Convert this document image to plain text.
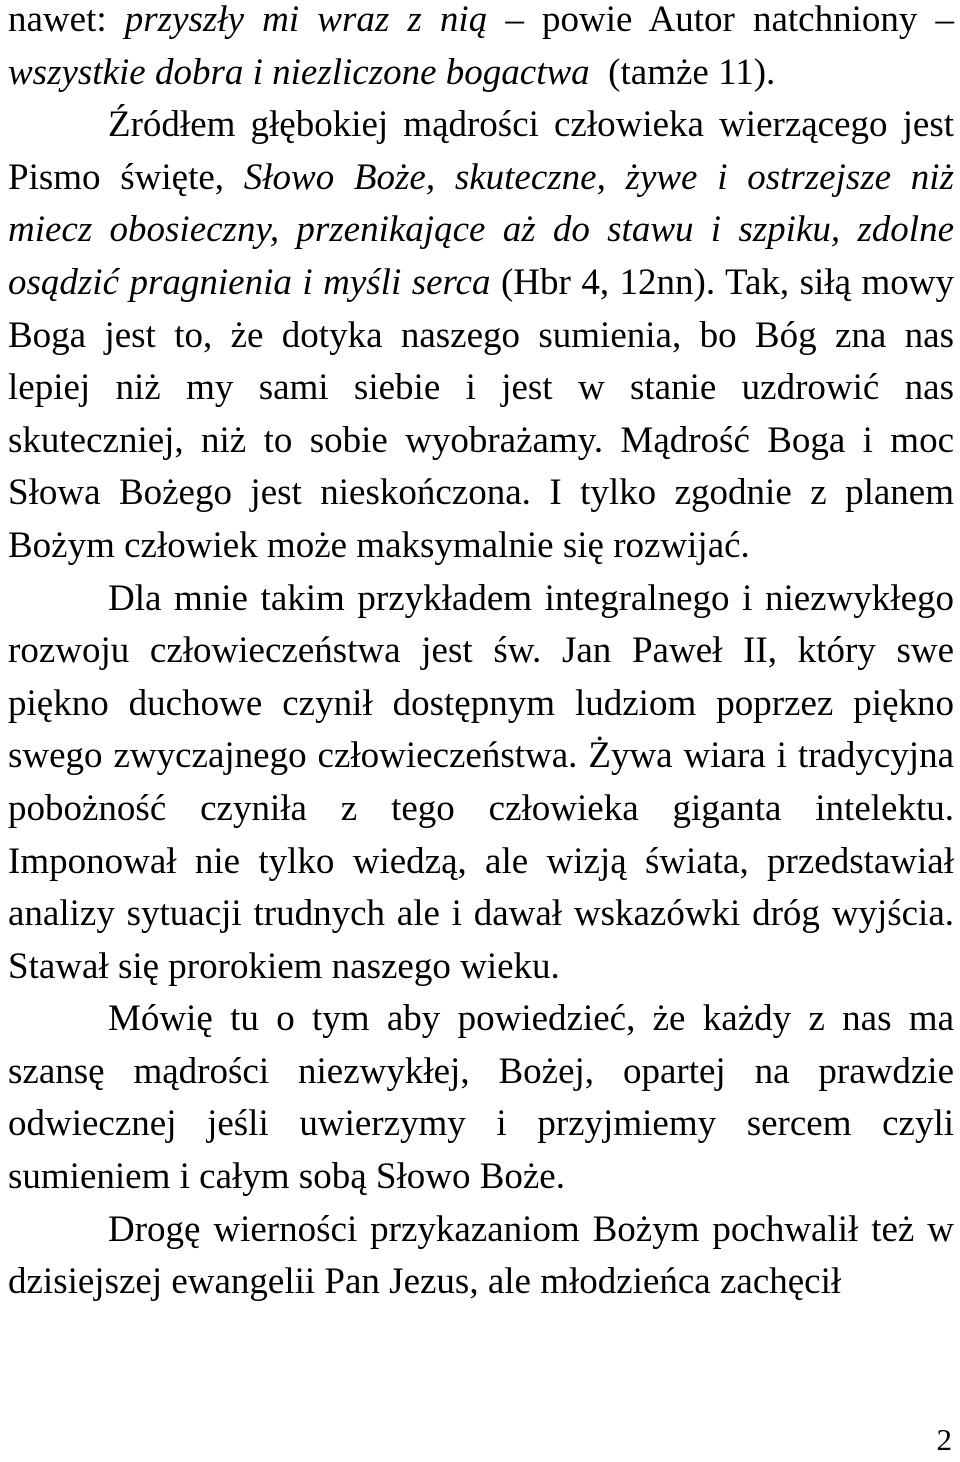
nawet: przyszły mi wraz z nią – powie Autor natchniony – wszystkie dobra i niezliczone bogactwa  (tamże 11).

Źródłem głębokiej mądrości człowieka wierzącego jest Pismo święte, Słowo Boże, skuteczne, żywe i ostrzejsze niż miecz obosieczny, przenikające aż do stawu i szpiku, zdolne osądzić pragnienia i myśli serca (Hbr 4, 12nn). Tak, siłą mowy Boga jest to, że dotyka naszego sumienia, bo Bóg zna nas lepiej niż my sami siebie i jest w stanie uzdrowić nas skuteczniej, niż to sobie wyobrażamy. Mądrość Boga i moc Słowa Bożego jest nieskończona. I tylko zgodnie z planem Bożym człowiek może maksymalnie się rozwijać.

Dla mnie takim przykładem integralnego i niezwykłego rozwoju człowieczeństwa jest św. Jan Paweł II, który swe piękno duchowe czynił dostępnym ludziom poprzez piękno swego zwyczajnego człowieczeństwa. Żywa wiara i tradycyjna pobożność czyniła z tego człowieka giganta intelektu. Imponował nie tylko wiedzą, ale wizją świata, przedstawiał analizy sytuacji trudnych ale i dawał wskazówki dróg wyjścia. Stawał się prorokiem naszego wieku.

Mówię tu o tym aby powiedzieć, że każdy z nas ma szansę mądrości niezwykłej, Bożej, opartej na prawdzie odwiecznej jeśli uwierzymy i przyjmiemy sercem czyli sumieniem i całym sobą Słowo Boże.

Drogę wierności przykazaniom Bożym pochwalił też w dzisiejszej ewangelii Pan Jezus, ale młodzieńca zachęcił

2
